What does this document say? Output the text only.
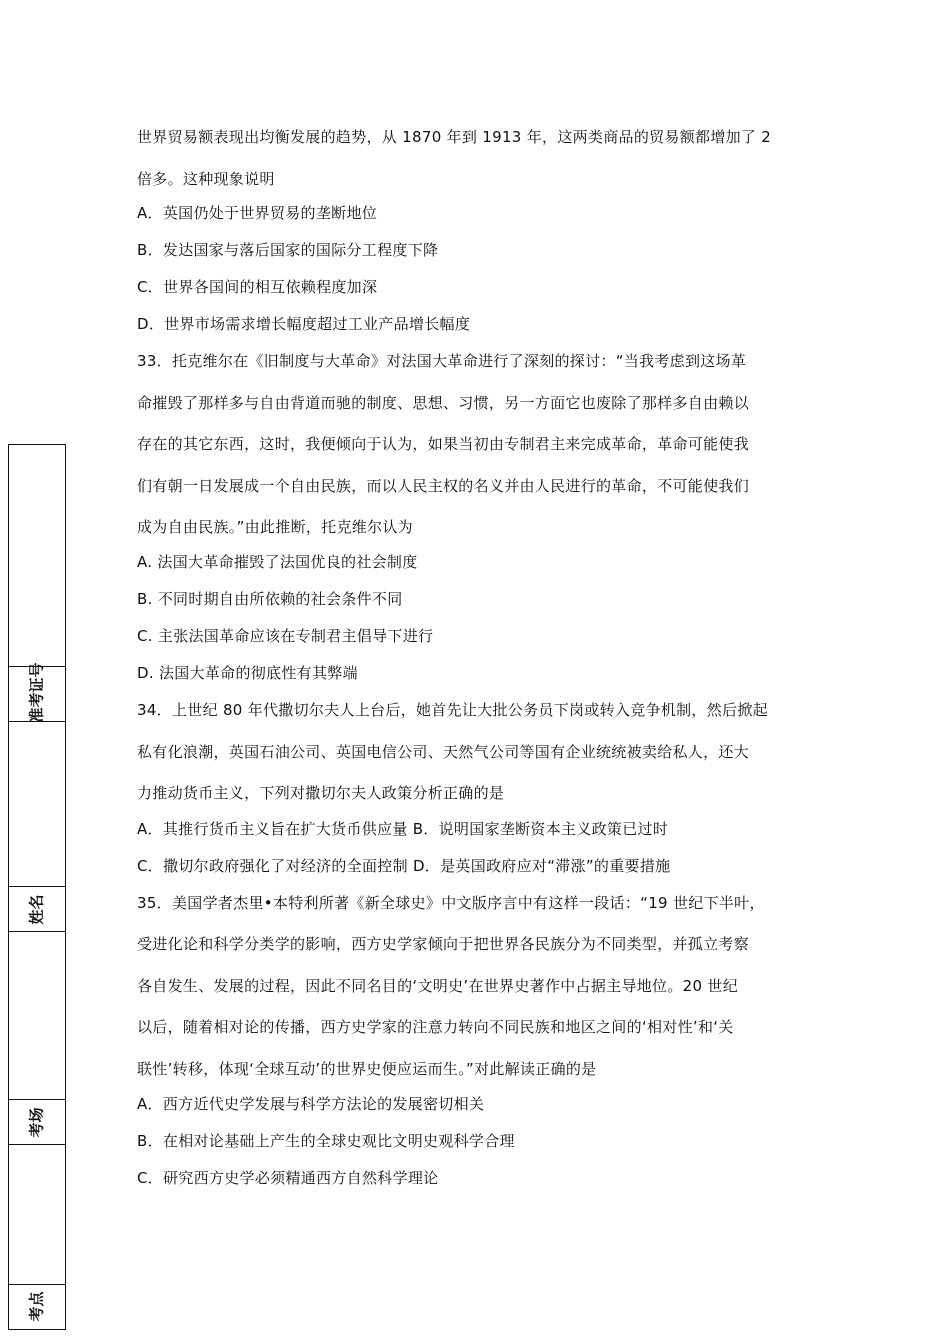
世界贸易额表现出均衡发展的趋势，从 1870 年到 1913 年，这两类商品的贸易额都增加了 2
倍多。这种现象说明
A．英国仍处于世界贸易的垄断地位
B．发达国家与落后国家的国际分工程度下降
C．世界各国间的相互依赖程度加深
D．世界市场需求增长幅度超过工业产品增长幅度
33．托克维尔在《旧制度与大革命》对法国大革命进行了深刻的探讨：“当我考虑到这场革
命摧毁了那样多与自由背道而驰的制度、思想、习惯，另一方面它也废除了那样多自由赖以
存在的其它东西，这时，我便倾向于认为，如果当初由专制君主来完成革命，革命可能使我
们有朝一日发展成一个自由民族，而以人民主权的名义并由人民进行的革命，不可能使我们
成为自由民族。”由此推断，托克维尔认为
A. 法国大革命摧毁了法国优良的社会制度
B. 不同时期自由所依赖的社会条件不同
C. 主张法国革命应该在专制君主倡导下进行
D. 法国大革命的彻底性有其弊端
34．上世纪 80 年代撒切尔夫人上台后，她首先让大批公务员下岗或转入竞争机制，然后掀起
私有化浪潮，英国石油公司、英国电信公司、天然气公司等国有企业统统被卖给私人，还大
力推动货币主义，下列对撒切尔夫人政策分析正确的是
A．其推行货币主义旨在扩大货币供应量 B．说明国家垄断资本主义政策已过时
C．撒切尔政府强化了对经济的全面控制 D．是英国政府应对“滞涨”的重要措施
35．美国学者杰里•本特利所著《新全球史》中文版序言中有这样一段话：“19 世纪下半叶，
受进化论和科学分类学的影响，西方史学家倾向于把世界各民族分为不同类型，并孤立考察
各自发生、发展的过程，因此不同名目的‘文明史’在世界史著作中占据主导地位。20 世纪
以后，随着相对论的传播，西方史学家的注意力转向不同民族和地区之间的‘相对性’和‘关
联性’转移，体现‘全球互动’的世界史便应运而生。”对此解读正确的是
A．西方近代史学发展与科学方法论的发展密切相关
B．在相对论基础上产生的全球史观比文明史观科学合理
C．研究西方史学必须精通西方自然科学理论
准考证号
姓名
考场
考点
